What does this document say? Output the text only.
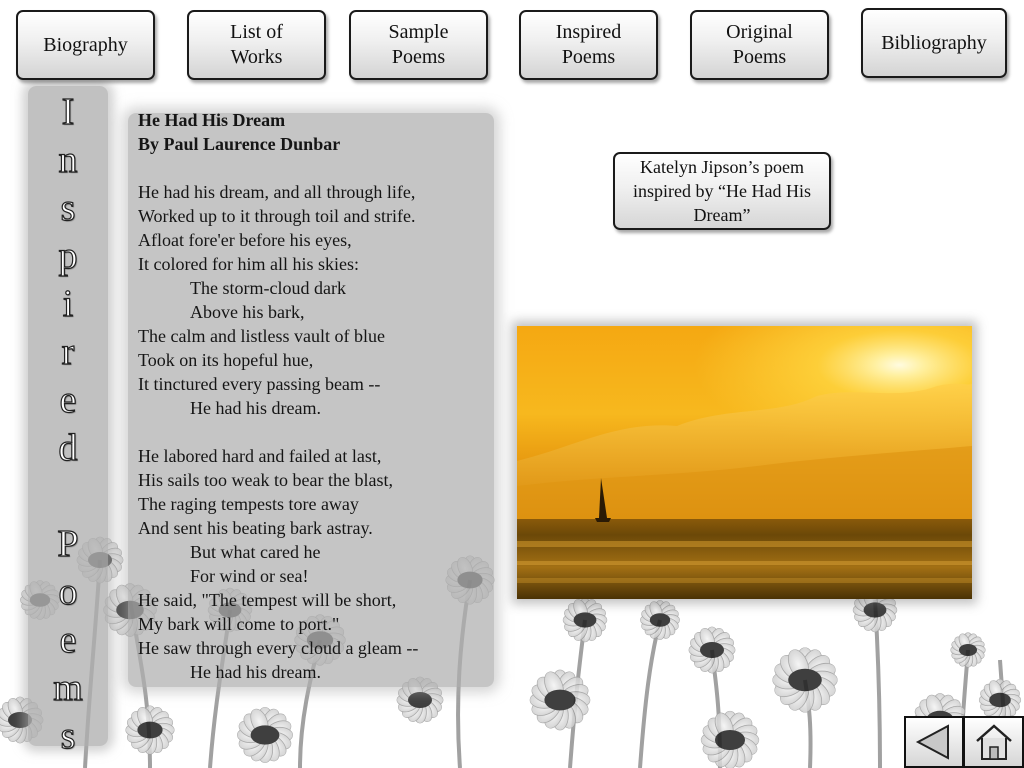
Biography
List of
Works
Sample
Poems
Inspired
Poems
Original
Poems
Bibliography
I
n
s
p
i
r
e
d
P
o
e
m
s
He Had His Dream
By Paul Laurence Dunbar
He had his dream, and all through life,
Worked up to it through toil and strife.
Afloat fore'er before his eyes,
It colored for him all his skies:
The storm-cloud dark
Above his bark,
The calm and listless vault of blue
Took on its hopeful hue,
It tinctured every passing beam --
He had his dream.
He labored hard and failed at last,
His sails too weak to bear the blast,
The raging tempests tore away
And sent his beating bark astray.
But what cared he
For wind or sea!
He said, "The tempest will be short,
My bark will come to port."
He saw through every cloud a gleam --
He had his dream.
Katelyn Jipson’s poem inspired by “He Had His Dream”
